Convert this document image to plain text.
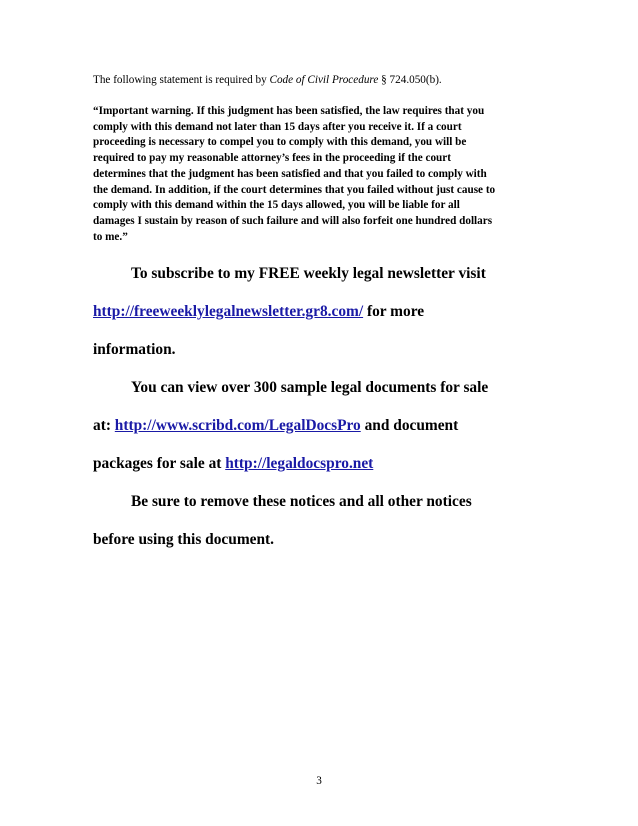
The following statement is required by Code of Civil Procedure § 724.050(b).
“Important warning. If this judgment has been satisfied, the law requires that you
comply with this demand not later than 15 days after you receive it. If a court
proceeding is necessary to compel you to comply with this demand, you will be
required to pay my reasonable attorney’s fees in the proceeding if the court
determines that the judgment has been satisfied and that you failed to comply with
the demand. In addition, if the court determines that you failed without just cause to
comply with this demand within the 15 days allowed, you will be liable for all
damages I sustain by reason of such failure and will also forfeit one hundred dollars
to me.”
To subscribe to my FREE weekly legal newsletter visit
http://freeweeklylegalnewsletter.gr8.com/ for more
information.
You can view over 300 sample legal documents for sale
at: http://www.scribd.com/LegalDocsPro and document
packages for sale at http://legaldocspro.net
Be sure to remove these notices and all other notices
before using this document.
3
